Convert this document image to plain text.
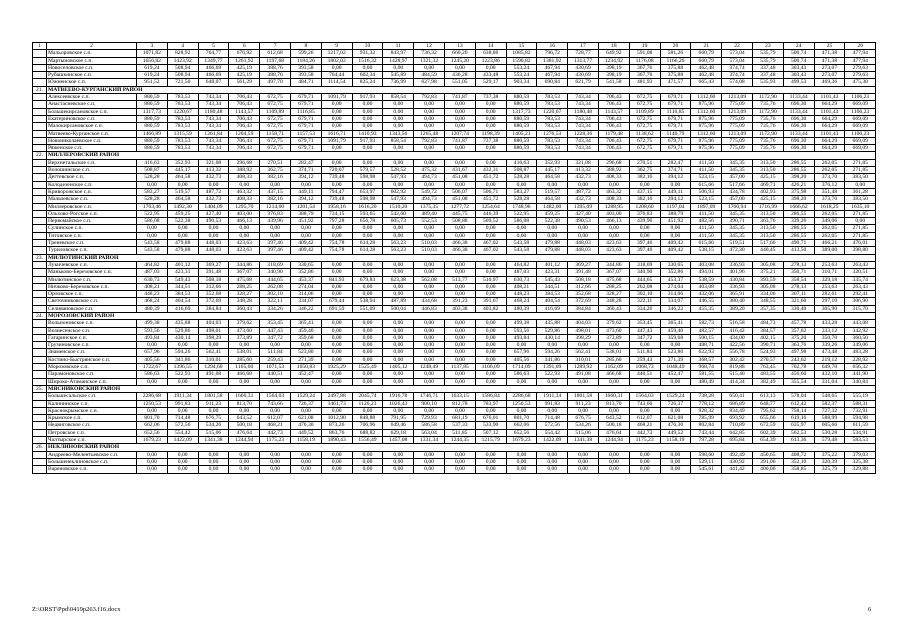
1	2	3	4	5	6	7	8	9	10	11	12	13	14	15	16	17	18	19	20	21	22	23	24	25	26
	Мальоровское с.п.	1071,82	828,92	764,77	676,92	612,68	599,26	1217,02	931,32	843,97	736,32	660,20	638,86	1085,82	796,72	728,77	649,92	591,08	581,26	660,79	573,04	535,79	500,74	471,38	477,94
	Мартыновское с.п.	1656,82	1423,92	1349,77	1261,92	1197,68	1184,26	1802,02	1516,32	1428,97	1321,32	1245,20	1223,86	1590,82	1381,92	1313,77	1234,92	1176,08	1166,26	660,79	573,04	535,79	500,74	471,38	477,94
	Новоселовское с.п.	619,24	508,94	466,69	425,19	388,76	393,58	0,00	0,00	0,00	0,00	0,00	0,00	553,24	467,94	430,69	398,19	367,76	375,88	462,48	374,74	337,48	303,43	273,07	279,63
	Рубашкинское с.п.	619,24	508,94	466,69	425,19	388,76	393,58	764,44	602,34	545,89	484,59	436,28	433,48	553,24	467,94	430,69	398,19	367,76	375,88	462,48	374,74	337,48	303,43	273,07	279,63
	Южненское с.п.	951,52	721,50	648,07	561,29	497,70	484,71	1114,54	825,24	736,99	627,98	551,05	529,17	903,34	690,84	621,79	541,58	481,93	471,57	665,43	574,08	535,93	499,53	469,36	475,38
21.	МАТВЕЕВО-КУРГАНСКИЙ РАЙОН																								
	Алексеевское с.п.	880,59	783,53	743,34	706,43	672,75	679,71	1091,79	917,93	858,54	792,83	741,87	737,38	880,59	783,53	743,34	706,43	672,75	679,71	1312,60	1213,09	1172,90	1133,44	1101,43	1106,23
	Анастасиевское с.п.	880,59	783,53	743,34	706,43	672,75	679,71	0,00	0,00	0,00	0,00	0,00	0,00	880,59	783,53	743,34	706,43	672,75	679,71	875,96	775,09	735,76	696,30	664,29	669,09
	Большекирсановское с.п.	1317,73	1220,67	1180,48	1143,57	1109,89	1116,85	0,00	0,00	0,00	0,00	0,00	0,00	1317,73	1220,67	1180,48	1143,57	1109,89	1116,85	1312,60	1213,09	1172,90	1133,44	1101,43	1106,23
	Екатериновское с.п.	880,59	783,53	743,34	706,43	672,75	679,71	0,00	0,00	0,00	0,00	0,00	0,00	880,59	783,53	743,34	706,43	672,75	679,71	875,96	775,09	735,76	696,30	664,29	669,09
	Малокирсановское с.п.	880,59	783,53	743,34	706,43	672,75	679,71	0,00	0,00	0,00	0,00	0,00	0,00	880,59	783,53	743,34	706,43	672,75	679,71	875,96	775,09	735,76	696,30	664,29	669,09
	Матвеево-Курганское с.п.	1466,89	1315,59	1261,84	1204,59	1158,71	1157,53	1616,71	1410,93	1343,56	1265,48	1207,74	1198,39	1405,21	1276,53	1228,36	1179,48	1138,62	1140,79	1312,60	1213,09	1172,90	1133,44	1101,43	1106,23
	Новониколаевское с.п.	880,59	783,53	743,34	706,43	672,75	679,71	1091,79	917,93	858,54	792,83	741,87	737,38	880,59	783,53	743,34	706,43	672,75	679,71	875,96	775,09	735,76	696,30	664,29	669,09
	Ряженское с.п.	880,59	783,53	743,34	706,43	672,75	679,71	0,00	0,00	0,00	0,00	0,00	0,00	880,59	783,53	743,34	706,43	672,75	679,71	875,96	775,09	735,76	696,30	664,29	669,09
22.	МИЛЛЕРОВСКИЙ РАЙОН																								
	Верхнетальское с.п.	416,63	352,93	321,08	296,68	270,51	282,47	0,00	0,00	0,00	0,00	0,00	0,00	416,63	352,93	321,08	296,68	270,51	282,47	411,50	345,35	313,50	286,55	262,05	271,85
	Волошинское с.п.	508,87	445,17	413,32	388,92	362,75	374,71	720,07	579,57	528,52	475,32	431,67	432,31	508,87	445,17	413,32	388,92	362,75	374,71	411,50	345,35	313,50	286,55	262,05	271,85
	Дегтевское с.п.	528,28	464,58	432,73	408,33	382,16	394,12	739,48	598,98	547,93	494,73	451,08	451,72	528,28	464,58	432,73	408,33	382,16	394,12	523,15	457,00	425,15	398,20	373,70	383,50
	Колодезенское с.п.	0,00	0,00	0,00	0,00	0,00	0,00	0,00	0,00	0,00	0,00	0,00	0,00	0,00	0,00	0,00	0,00	0,00	0,00	615,66	517,66	469,71	426,21	376,12	0,00
	Криворожское с.п.	583,27	519,57	487,72	463,32	437,15	449,11	794,47	653,97	602,92	549,72	506,07	506,71	583,27	519,57	487,72	463,32	437,15	449,11	506,93	434,78	402,93	375,98	351,48	361,28
	Мальчевское с.п.	528,28	464,58	432,73	408,33	382,16	394,12	739,48	598,98	547,93	494,73	451,08	451,72	528,28	464,58	432,73	408,33	382,16	394,12	523,15	457,00	425,15	398,20	373,70	383,50
	Миллеровское с.п.	1763,46	1492,30	1404,09	1295,70	1214,00	1201,54	1958,16	1616,20	1510,20	1375,35	1277,72	1254,64	1748,96	1482,00	1395,09	1288,95	1208,60	1197,04	1897,09	1760,94	1716,99	1666,62	1618,25	1635,10
	Ольхово-Рогское с.п.	522,95	459,25	427,40	403,00	376,83	388,79	734,15	593,65	542,60	489,40	445,75	446,39	522,95	459,25	427,40	403,00	376,83	388,79	411,50	345,35	313,50	286,55	262,05	271,85
	Первомайское с.п.	586,08	522,38	490,53	466,13	439,96	451,92	797,28	656,78	605,73	552,53	508,88	509,52	586,08	522,38	490,53	466,13	439,96	451,92	482,56	390,71	363,76	339,26	349,06	0,00
	Сулинское с.п.	0,00	0,00	0,00	0,00	0,00	0,00	0,00	0,00	0,00	0,00	0,00	0,00	0,00	0,00	0,00	0,00	0,00	0,00	411,50	345,35	313,50	286,55	262,05	271,85
	Титовское с.п.	0,00	0,00	0,00	0,00	0,00	0,00	0,00	0,00	0,00	0,00	0,00	0,00	0,00	0,00	0,00	0,00	0,00	0,00	411,50	345,35	313,50	286,55	262,05	271,85
	Треневское с.п.	543,58	479,88	448,03	423,63	397,46	409,42	754,78	614,28	563,23	510,03	466,38	467,02	543,58	479,88	448,03	423,63	397,46	409,42	615,66	519,51	517,66	490,71	466,21	476,01
	Туриловское с.п.	543,58	479,88	448,03	423,63	397,46	409,42	754,78	614,28	563,23	510,03	466,38	467,02	543,58	479,88	448,03	423,63	397,46	409,42	538,15	472,30	440,45	413,50	389,00	398,80
23.	МИЛЮТИНСКИЙ РАЙОН																								
	Лукичевское с.п.	464,82	401,12	369,27	344,86	318,69	330,65	0,00	0,00	0,00	0,00	0,00	0,00	464,82	401,12	369,27	344,86	318,69	330,65	403,08	336,93	305,08	278,13	253,63	263,43
	Маньково-Березовское с.п.	487,03	423,31	391,48	367,07	340,90	352,86	0,00	0,00	0,00	0,00	0,00	0,00	487,03	423,31	391,48	367,07	340,90	352,86	494,01	401,96	375,21	350,71	310,71	320,51
	Милютинское с.п.	630,73	549,43	508,18	475,68	444,65	453,37	841,93	679,83	623,38	562,08	513,77	510,97	630,73	545,43	508,18	475,68	444,65	453,37	538,59	430,84	393,59	358,54	329,18	335,74
	Ничково-Березовское с.п.	408,21	344,51	312,66	288,25	262,08	274,04	0,00	0,00	0,00	0,00	0,00	0,00	408,21	344,51	312,66	288,25	262,08	274,04	403,08	336,93	305,08	278,13	253,63	263,43
	Орловское с.п.	448,23	384,53	352,68	328,27	302,10	314,06	0,00	0,00	0,00	0,00	0,00	0,00	448,23	384,53	352,68	328,27	302,10	314,06	432,06	365,91	334,06	307,11	282,61	292,41
	Светочниковское с.п.	468,24	404,54	372,69	348,28	322,11	334,07	679,44	538,94	487,89	434,68	391,23	391,67	468,24	404,54	372,69	348,28	322,11	334,07	446,55	380,40	348,55	321,60	297,10	306,90
	Селивановское с.п.	480,39	416,69	384,84	360,43	334,26	346,22	691,59	551,09	500,04	446,83	403,38	403,82	480,39	416,69	384,84	360,43	334,26	346,22	455,35	389,20	357,35	330,40	305,90	315,70
24.	МОРОЗОВСКИЙ РАЙОН																								
	Вольноновское с.п.	499,38	435,88	404,03	379,62	353,45	365,41	0,00	0,00	0,00	0,00	0,00	0,00	499,38	435,88	404,03	379,62	353,45	365,41	582,73	516,58	484,73	457,78	433,28	443,08
	Вознесенское с.п.	593,56	529,86	498,01	473,60	447,43	459,40	0,00	0,00	0,00	0,00	0,00	0,00	593,56	529,86	498,01	473,60	447,43	459,40	482,57	416,42	384,57	357,62	333,12	342,92
	Гагаринское с.п.	493,84	430,14	398,29	373,89	347,72	359,68	0,00	0,00	0,00	0,00	0,00	0,00	493,84	430,14	398,29	373,89	347,72	359,68	500,15	434,00	402,15	375,20	350,70	360,50
	Грузиновское с.п.	0,00	0,00	0,00	0,00	0,00	0,00	0,00	0,00	0,00	0,00	0,00	0,00	0,00	0,00	0,00	0,00	0,00	0,00	488,71	422,56	390,71	363,76	339,26	349,06
	Знаменское с.п.	657,96	594,26	562,41	538,01	511,84	523,80	0,00	0,00	0,00	0,00	0,00	0,00	657,96	594,26	562,41	538,01	511,84	523,80	622,93	556,78	524,93	497,98	473,48	483,28
	Костино-Быстрянское с.п.	405,56	341,86	310,01	285,60	259,43	271,39	0,00	0,00	0,00	0,00	0,00	0,00	405,56	341,86	310,01	285,60	259,43	271,39	368,57	302,42	270,57	243,62	219,12	228,92
	Морозовское с.п.	1722,67	1396,55	1294,60	1165,60	1071,53	1050,83	1925,29	1525,49	1405,12	1248,49	1137,85	1106,09	1714,09	1391,09	1289,92	1162,09	1068,73	1048,49	968,74	819,88	763,45	702,78	649,70	656,32
	Парамоновское с.п.	586,63	522,93	491,08	466,68	440,51	452,47	0,00	0,00	0,00	0,00	0,00	0,00	586,63	522,93	491,08	466,68	440,51	452,47	581,55	515,40	483,55	456,60	432,10	441,90
	Широко-Атаманское с.п.	0,00	0,00	0,00	0,00	0,00	0,00	0,00	0,00	0,00	0,00	0,00	0,00	0,00	0,00	0,00	0,00	0,00	0,00	480,49	414,34	382,49	355,54	331,04	340,84
25.	МЯСНИКОВСКИЙ РАЙОН																								
	Большесальское с.п.	2286,68	1911,34	1801,58	1660,31	1564,03	1529,24	2497,88	2045,74	1916,78	1746,71	1633,15	1586,84	2286,68	1911,34	1801,58	1660,31	1564,03	1529,24	738,28	650,41	613,13	578,04	548,65	555,19
	Калининское с.п.	1250,53	991,83	911,23	813,70	743,66	726,37	1461,73	1126,23	1026,43	900,10	812,78	783,97	1250,53	991,83	911,23	813,70	743,66	726,37	778,12	686,89	648,77	612,42	582,37	588,31
	Краснокрымское с.п.	0,00	0,00	0,00	0,00	0,00	0,00	0,00	0,00	0,00	0,00	0,00	0,00	0,00	0,00	0,00	0,00	0,00	0,00	928,32	834,49	795,62	758,14	727,32	732,91
	Крымское с.п.	801,70	714,48	676,75	643,52	612,07	621,08	1012,90	848,88	791,95	729,93	681,19	676,01	801,70	714,48	676,75	643,52	612,07	621,08	785,99	693,92	655,66	619,16	588,99	594,98
	Недвиговское с.п.	662,06	572,56	534,26	500,18	468,21	476,30	873,26	706,96	649,46	586,58	537,33	533,90	662,06	572,56	534,26	500,18	468,21	476,30	802,84	710,89	672,59	635,97	605,66	611,59
	Петровское с.п.	652,56	554,42	515,06	476,64	442,73	449,52	863,76	688,82	629,18	563,04	511,85	507,12	652,56	554,42	515,06	476,64	442,73	449,52	743,44	642,85	602,39	562,53	530,28	534,91
	Чалтырское с.п.	1679,23	1422,09	1341,38	1244,94	1175,23	1158,19	1890,43	1556,49	1457,08	1331,34	1244,35	1215,79	1679,23	1422,09	1341,38	1244,94	1175,23	1158,19	797,28	695,84	654,39	613,36	579,48	583,53
26.	НЕКЛИНОВСКИЙ РАЙОН																								
	Андреево-Мелентьевское с.п.	0,00	0,00	0,00	0,00	0,00	0,00	0,00	0,00	0,00	0,00	0,00	0,00	0,00	0,00	0,00	0,00	0,00	0,00	598,60	492,49	450,65	408,72	375,22	379,03
	Большенеклиновское с.п.	0,00	0,00	0,00	0,00	0,00	0,00	0,00	0,00	0,00	0,00	0,00	0,00	0,00	0,00	0,00	0,00	0,00	0,00	529,11	430,92	391,06	352,10	320,39	325,38
	Вареновское с.п.	0,00	0,00	0,00	0,00	0,00	0,00	0,00	0,00	0,00	0,00	0,00	0,00	0,00	0,00	0,00	0,00	0,00	0,00	545,61	441,42	400,06	358,85	325,79	329,88
Z:\ORST\Ppd\0419p263.f16.docx	6
